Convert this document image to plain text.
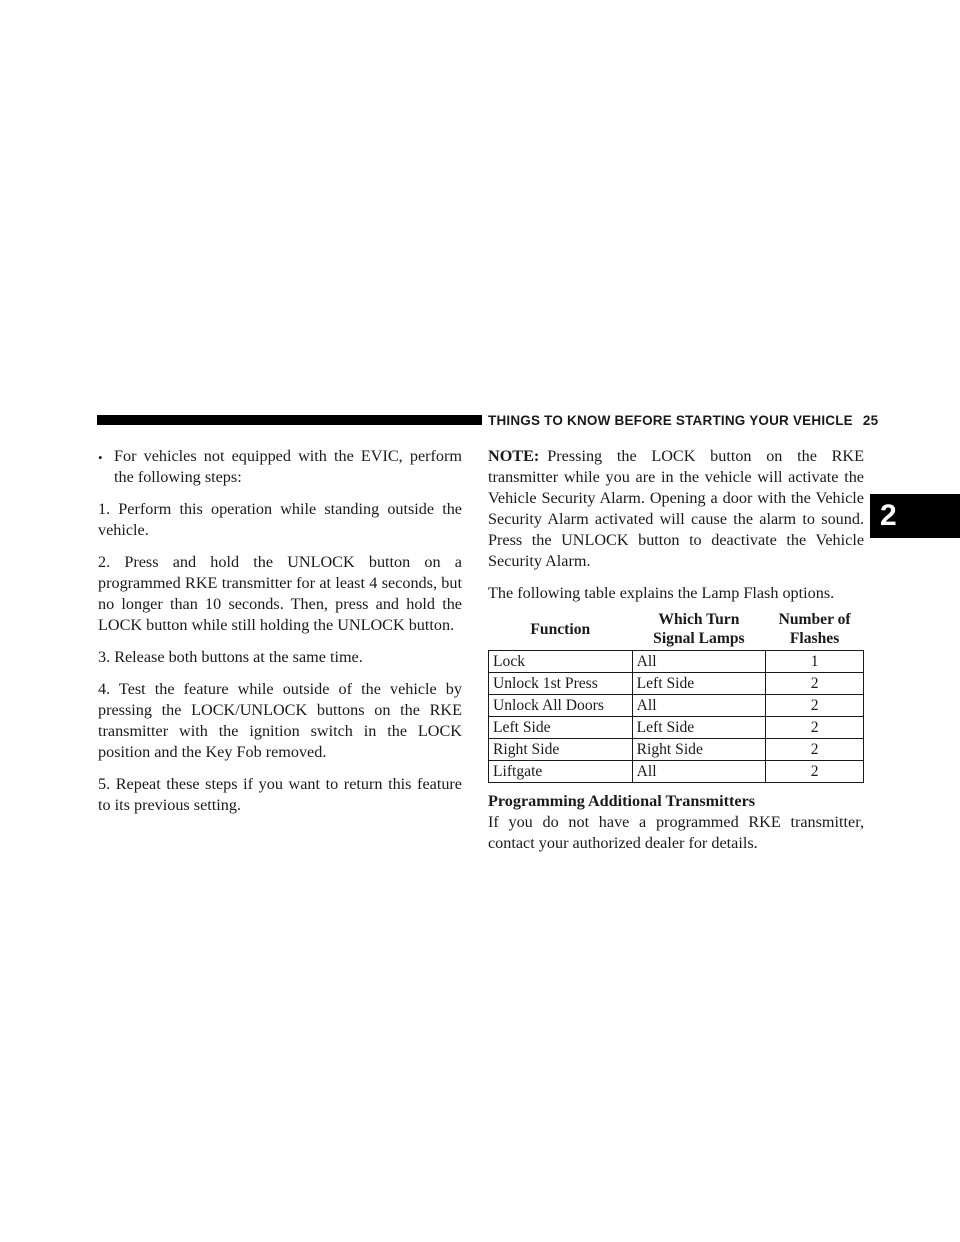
THINGS TO KNOW BEFORE STARTING YOUR VEHICLE 25
2
• For vehicles not equipped with the EVIC, perform the following steps:

1. Perform this operation while standing outside the vehicle.

2. Press and hold the UNLOCK button on a programmed RKE transmitter for at least 4 seconds, but no longer than 10 seconds. Then, press and hold the LOCK button while still holding the UNLOCK button.

3. Release both buttons at the same time.

4. Test the feature while outside of the vehicle by pressing the LOCK/UNLOCK buttons on the RKE transmitter with the ignition switch in the LOCK position and the Key Fob removed.

5. Repeat these steps if you want to return this feature to its previous setting.

NOTE: Pressing the LOCK button on the RKE transmitter while you are in the vehicle will activate the Vehicle Security Alarm. Opening a door with the Vehicle Security Alarm activated will cause the alarm to sound. Press the UNLOCK button to deactivate the Vehicle Security Alarm.

The following table explains the Lamp Flash options.

Function	Which Turn Signal Lamps	Number of Flashes
Lock	All	1
Unlock 1st Press	Left Side	2
Unlock All Doors	All	2
Left Side	Left Side	2
Right Side	Right Side	2
Liftgate	All	2

Programming Additional Transmitters

If you do not have a programmed RKE transmitter, contact your authorized dealer for details.
